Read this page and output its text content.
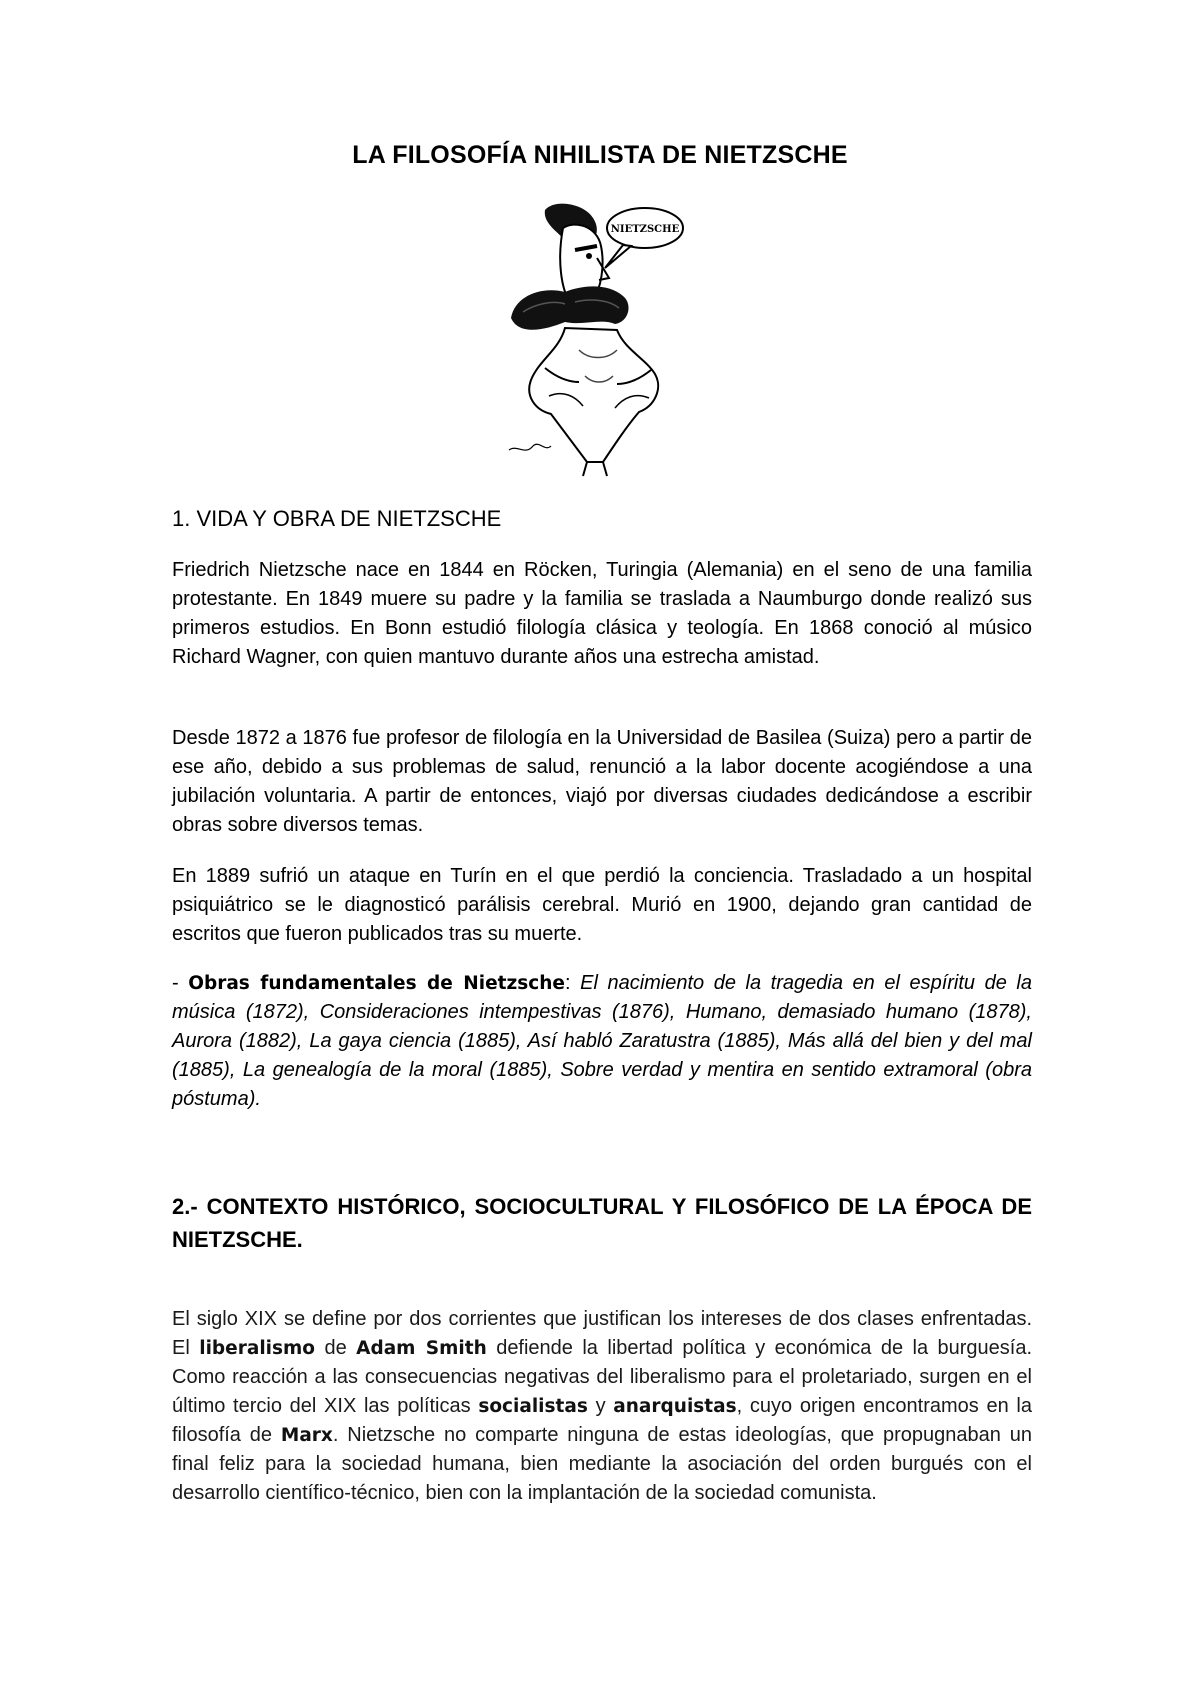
LA FILOSOFÍA NIHILISTA DE NIETZSCHE
NIETZSCHE
1. VIDA Y OBRA DE NIETZSCHE

Friedrich Nietzsche nace en 1844 en Röcken, Turingia (Alemania) en el seno de una familia protestante. En 1849 muere su padre y la familia se traslada a Naumburgo donde realizó sus primeros estudios. En Bonn estudió filología clásica y teología. En 1868 conoció al músico Richard Wagner, con quien mantuvo durante años una estrecha amistad.

Desde 1872 a 1876 fue profesor de filología en la Universidad de Basilea (Suiza) pero a partir de ese año, debido a sus problemas de salud, renunció a la labor docente acogiéndose a una jubilación voluntaria. A partir de entonces, viajó por diversas ciudades dedicándose a escribir obras sobre diversos temas.

En 1889 sufrió un ataque en Turín en el que perdió la conciencia. Trasladado a un hospital psiquiátrico se le diagnosticó parálisis cerebral. Murió en 1900, dejando gran cantidad de escritos que fueron publicados tras su muerte.

- Obras fundamentales de Nietzsche: El nacimiento de la tragedia en el espíritu de la música (1872), Consideraciones intempestivas (1876), Humano, demasiado humano (1878), Aurora (1882), La gaya ciencia (1885), Así habló Zaratustra (1885), Más allá del bien y del mal (1885), La genealogía de la moral (1885), Sobre verdad y mentira en sentido extramoral (obra póstuma).

2.- CONTEXTO HISTÓRICO, SOCIOCULTURAL Y FILOSÓFICO DE LA ÉPOCA DE NIETZSCHE.

El siglo XIX se define por dos corrientes que justifican los intereses de dos clases enfrentadas. El liberalismo de Adam Smith defiende la libertad política y económica de la burguesía. Como reacción a las consecuencias negativas del liberalismo para el proletariado, surgen en el último tercio del XIX las políticas socialistas y anarquistas, cuyo origen encontramos en la filosofía de Marx. Nietzsche no comparte ninguna de estas ideologías, que propugnaban un final feliz para la sociedad humana, bien mediante la asociación del orden burgués con el desarrollo científico-técnico, bien con la implantación de la sociedad comunista.
